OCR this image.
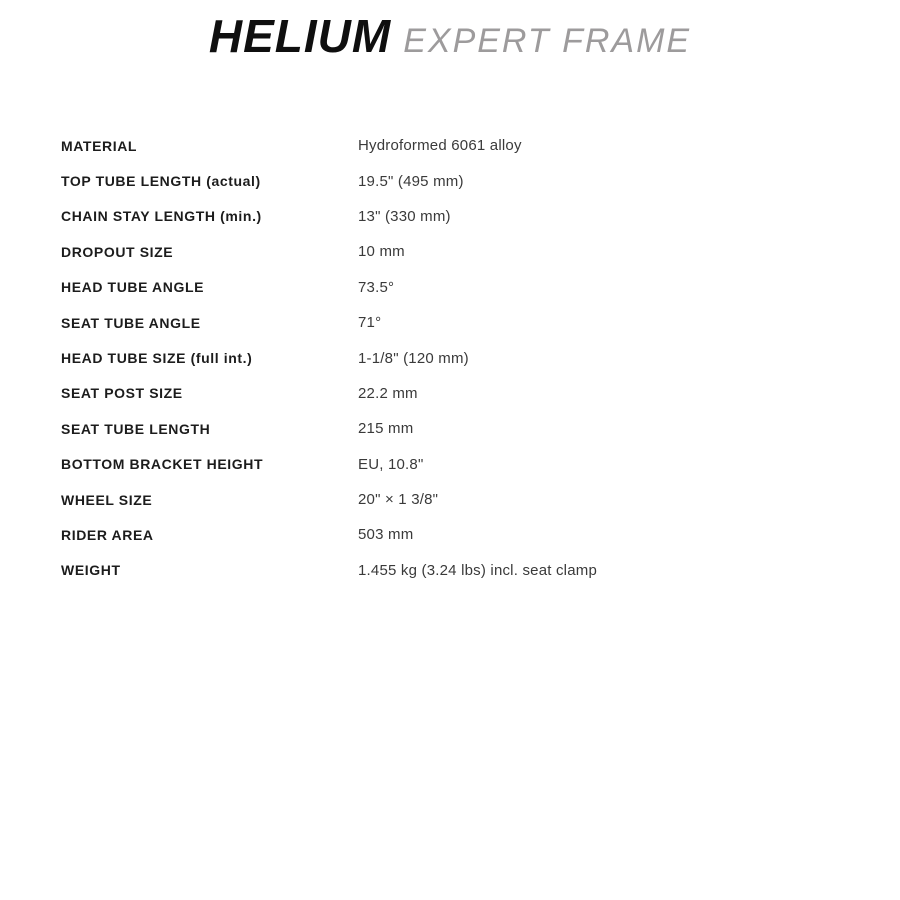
HELIUM EXPERT FRAME
MATERIAL	Hydroformed 6061 alloy
TOP TUBE LENGTH (actual)	19.5" (495 mm)
CHAIN STAY LENGTH (min.)	13" (330 mm)
DROPOUT SIZE	10 mm
HEAD TUBE ANGLE	73.5°
SEAT TUBE ANGLE	71°
HEAD TUBE SIZE (full int.)	1-1/8" (120 mm)
SEAT POST SIZE	22.2 mm
SEAT TUBE LENGTH	215 mm
BOTTOM BRACKET HEIGHT	EU, 10.8"
WHEEL SIZE	20" × 1 3/8"
RIDER AREA	503 mm
WEIGHT	1.455 kg (3.24 lbs) incl. seat clamp
